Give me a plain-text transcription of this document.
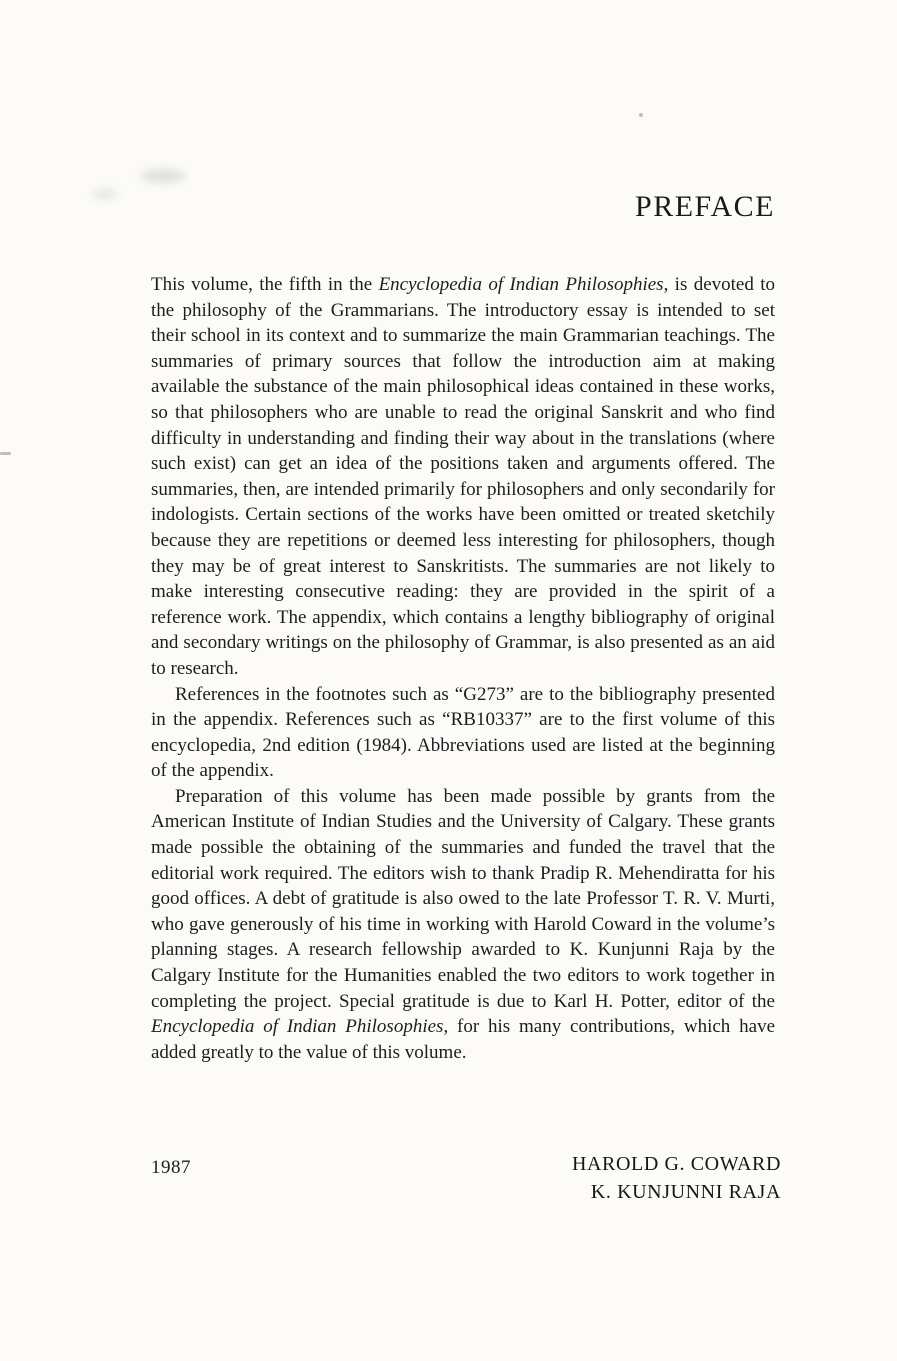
PREFACE

This volume, the fifth in the Encyclopedia of Indian Philosophies, is devoted to the philosophy of the Grammarians. The introductory essay is intended to set their school in its context and to summarize the main Grammarian teachings. The summaries of primary sources that follow the introduction aim at making available the substance of the main philosophical ideas contained in these works, so that philosophers who are unable to read the original Sanskrit and who find difficulty in understanding and finding their way about in the translations (where such exist) can get an idea of the positions taken and arguments offered. The summaries, then, are intended primarily for philosophers and only secondarily for indologists. Certain sections of the works have been omitted or treated sketchily because they are repetitions or deemed less interesting for philosophers, though they may be of great interest to Sanskritists. The summaries are not likely to make interesting consecutive reading: they are provided in the spirit of a reference work. The appendix, which contains a lengthy bibliography of original and secondary writings on the philosophy of Grammar, is also presented as an aid to research.

References in the footnotes such as “G273” are to the bibliography presented in the appendix. References such as “RB10337” are to the first volume of this encyclopedia, 2nd edition (1984). Abbreviations used are listed at the beginning of the appendix.

Preparation of this volume has been made possible by grants from the American Institute of Indian Studies and the University of Calgary. These grants made possible the obtaining of the summaries and funded the travel that the editorial work required. The editors wish to thank Pradip R. Mehendiratta for his good offices. A debt of gratitude is also owed to the late Professor T. R. V. Murti, who gave generously of his time in working with Harold Coward in the volume’s planning stages. A research fellowship awarded to K. Kunjunni Raja by the Calgary Institute for the Humanities enabled the two editors to work together in completing the project. Special gratitude is due to Karl H. Potter, editor of the Encyclopedia of Indian Philosophies, for his many contributions, which have added greatly to the value of this volume.

1987	HAROLD G. COWARD
K. KUNJUNNI RAJA
